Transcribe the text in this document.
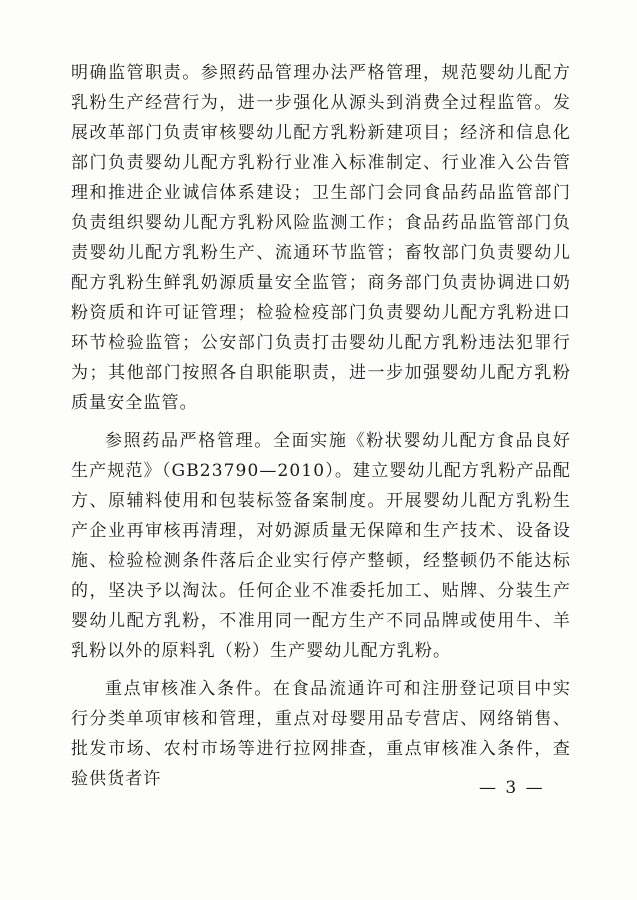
明确监管职责。参照药品管理办法严格管理，规范婴幼儿配方乳粉生产经营行为，进一步强化从源头到消费全过程监管。发展改革部门负责审核婴幼儿配方乳粉新建项目；经济和信息化部门负责婴幼儿配方乳粉行业准入标准制定、行业准入公告管理和推进企业诚信体系建设；卫生部门会同食品药品监管部门负责组织婴幼儿配方乳粉风险监测工作；食品药品监管部门负责婴幼儿配方乳粉生产、流通环节监管；畜牧部门负责婴幼儿配方乳粉生鲜乳奶源质量安全监管；商务部门负责协调进口奶粉资质和许可证管理；检验检疫部门负责婴幼儿配方乳粉进口环节检验监管；公安部门负责打击婴幼儿配方乳粉违法犯罪行为；其他部门按照各自职能职责，进一步加强婴幼儿配方乳粉质量安全监管。

参照药品严格管理。全面实施《粉状婴幼儿配方食品良好生产规范》（GB23790—2010）。建立婴幼儿配方乳粉产品配方、原辅料使用和包装标签备案制度。开展婴幼儿配方乳粉生产企业再审核再清理，对奶源质量无保障和生产技术、设备设施、检验检测条件落后企业实行停产整顿，经整顿仍不能达标的，坚决予以淘汰。任何企业不准委托加工、贴牌、分装生产婴幼儿配方乳粉，不准用同一配方生产不同品牌或使用牛、羊乳粉以外的原料乳（粉）生产婴幼儿配方乳粉。

重点审核准入条件。在食品流通许可和注册登记项目中实行分类单项审核和管理，重点对母婴用品专营店、网络销售、批发市场、农村市场等进行拉网排查，重点审核准入条件，查验供货者许	— 3 —
